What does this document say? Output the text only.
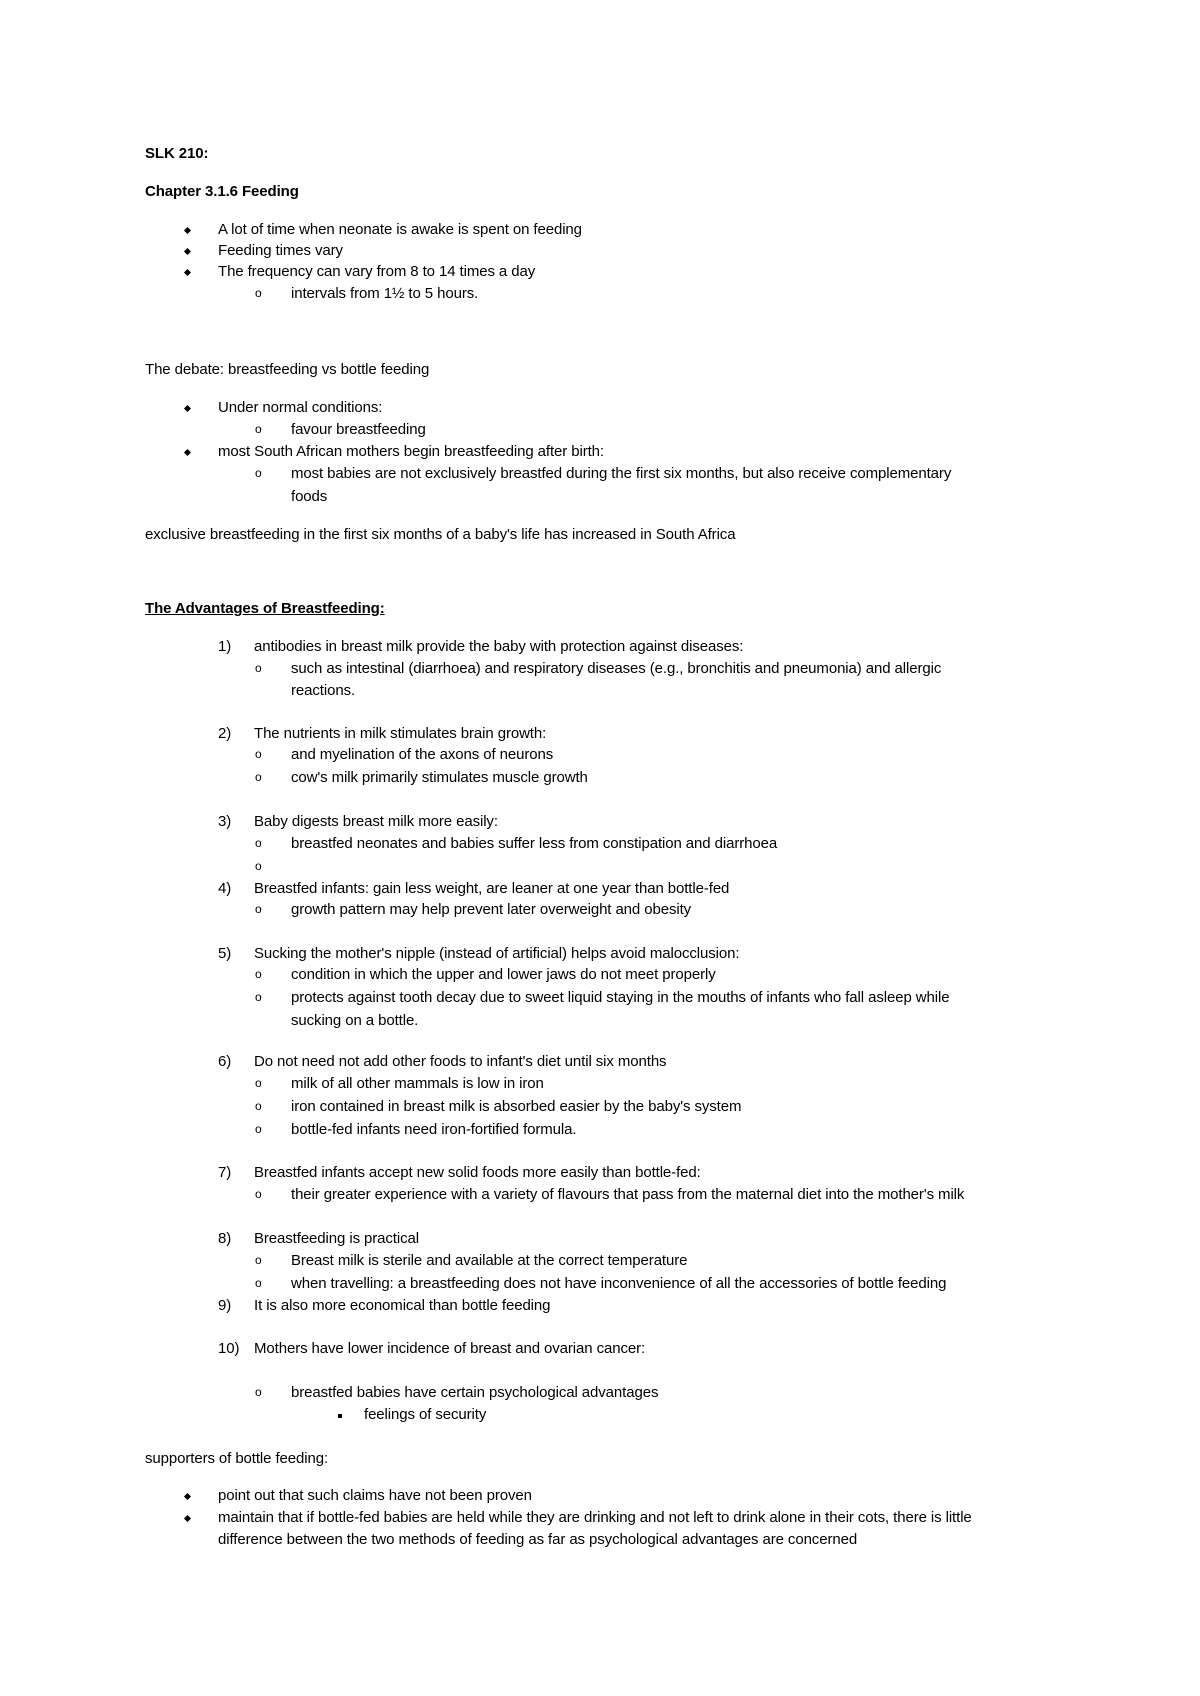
SLK 210:
Chapter 3.1.6 Feeding
A lot of time when neonate is awake is spent on feeding
Feeding times vary
The frequency can vary from 8 to 14 times a day
o intervals from 1½ to 5 hours.
The debate: breastfeeding vs bottle feeding
Under normal conditions:
o favour breastfeeding
most South African mothers begin breastfeeding after birth:
o most babies are not exclusively breastfed during the first six months, but also receive complementary
foods
exclusive breastfeeding in the first six months of a baby's life has increased in South Africa
The Advantages of Breastfeeding:
1) antibodies in breast milk provide the baby with protection against diseases:
o such as intestinal (diarrhoea) and respiratory diseases (e.g., bronchitis and pneumonia) and allergic
reactions.
2) The nutrients in milk stimulates brain growth:
o and myelination of the axons of neurons
o cow's milk primarily stimulates muscle growth
3) Baby digests breast milk more easily:
o breastfed neonates and babies suffer less from constipation and diarrhoea
o
4) Breastfed infants: gain less weight, are leaner at one year than bottle-fed
o growth pattern may help prevent later overweight and obesity
5) Sucking the mother's nipple (instead of artificial) helps avoid malocclusion:
o condition in which the upper and lower jaws do not meet properly
o protects against tooth decay due to sweet liquid staying in the mouths of infants who fall asleep while
sucking on a bottle.
6) Do not need not add other foods to infant's diet until six months
o milk of all other mammals is low in iron
o iron contained in breast milk is absorbed easier by the baby's system
o bottle-fed infants need iron-fortified formula.
7) Breastfed infants accept new solid foods more easily than bottle-fed:
o their greater experience with a variety of flavours that pass from the maternal diet into the mother's milk
8) Breastfeeding is practical
o Breast milk is sterile and available at the correct temperature
o when travelling: a breastfeeding does not have inconvenience of all the accessories of bottle feeding
9) It is also more economical than bottle feeding
10) Mothers have lower incidence of breast and ovarian cancer:
o breastfed babies have certain psychological advantages
feelings of security
supporters of bottle feeding:
point out that such claims have not been proven
maintain that if bottle-fed babies are held while they are drinking and not left to drink alone in their cots, there is little
difference between the two methods of feeding as far as psychological advantages are concerned
